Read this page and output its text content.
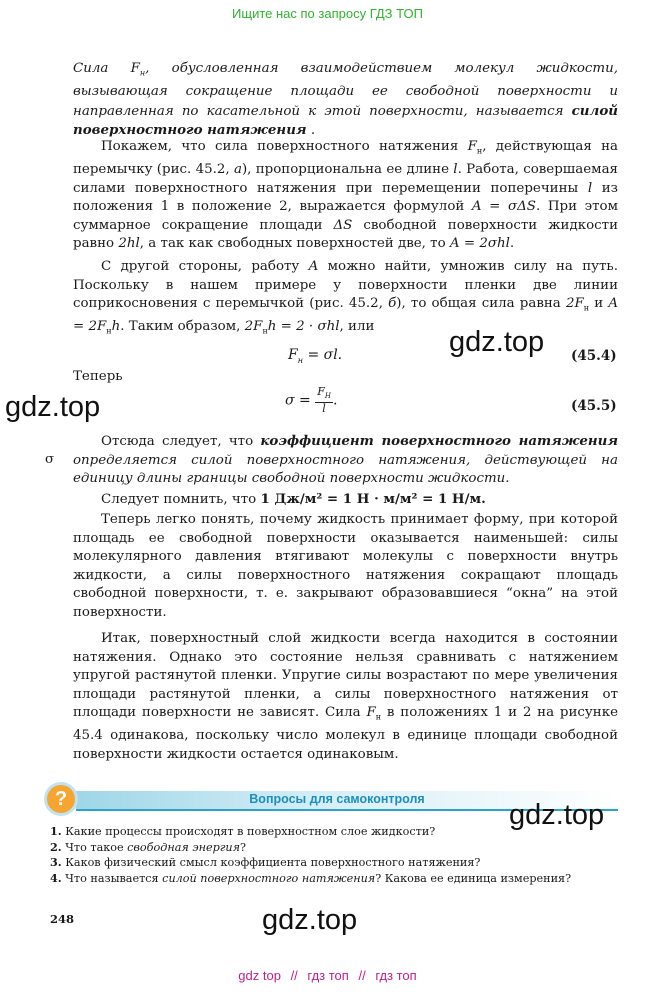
Ищите нас по запросу ГДЗ ТОП

Сила $F_н$, обусловленная взаимодействием молекул жидкости, вызывающая сокращение площади ее свободной поверхности и направленная по касательной к этой поверхности, называется силой поверхностного натяжения .

Покажем, что сила поверхностного натяжения $F_н$, действующая на перемычку (рис. 45.2, а), пропорциональна ее длине l. Работа, совершаемая силами поверхностного натяжения при перемещении поперечины l из положения 1 в положение 2, выражается формулой A = σΔS. При этом суммарное сокращение площади ΔS свободной поверхности жидкости равно 2hl, а так как свободных поверхностей две, то A = 2σhl.

С другой стороны, работу A можно найти, умножив силу на путь. Поскольку в нашем примере у поверхности пленки две линии соприкосновения с перемычкой (рис. 45.2, б), то общая сила равна $2F_н$ и $A = 2F_нh$. Таким образом, $2F_нh = 2 \cdot \sigma hl$, или

$F_н = \sigma l$.	(45.4)
gdz.top
Теперь
gdz.top	$\sigma = \frac{F_Н}{l}$ .	(45.5)

Отсюда следует, что коэффициент поверхностного натяжения
σ определяется силой поверхностного натяжения, действующей на единицу длины границы свободной поверхности жидкости.

Следует помнить, что 1 Дж/м² = 1 Н · м/м² = 1 Н/м.

Теперь легко понять, почему жидкость принимает форму, при которой площадь ее свободной поверхности оказывается наименьшей: силы молекулярного давления втягивают молекулы с поверхности внутрь жидкости, а силы поверхностного натяжения сокращают площадь свободной поверхности, т. е. закрывают образовавшиеся “окна” на этой поверхности.

Итак, поверхностный слой жидкости всегда находится в состоянии натяжения. Однако это состояние нельзя сравнивать с натяжением упругой растянутой пленки. Упругие силы возрастают по мере увеличения площади растянутой пленки, а силы поверхностного натяжения от площади поверхности не зависят. Сила $F_н$ в положениях 1 и 2 на рисунке 45.4 одинакова, поскольку число молекул в единице площади свободной поверхности жидкости остается одинаковым.

Вопросы для самоконтроля
?	gdz.top
1. Какие процессы происходят в поверхностном слое жидкости?
2. Что такое свободная энергия?
3. Каков физический смысл коэффициента поверхностного натяжения?
4. Что называется силой поверхностного натяжения? Какова ее единица измерения?
248	gdz.top
gdz top // гдз топ // гдз топ
